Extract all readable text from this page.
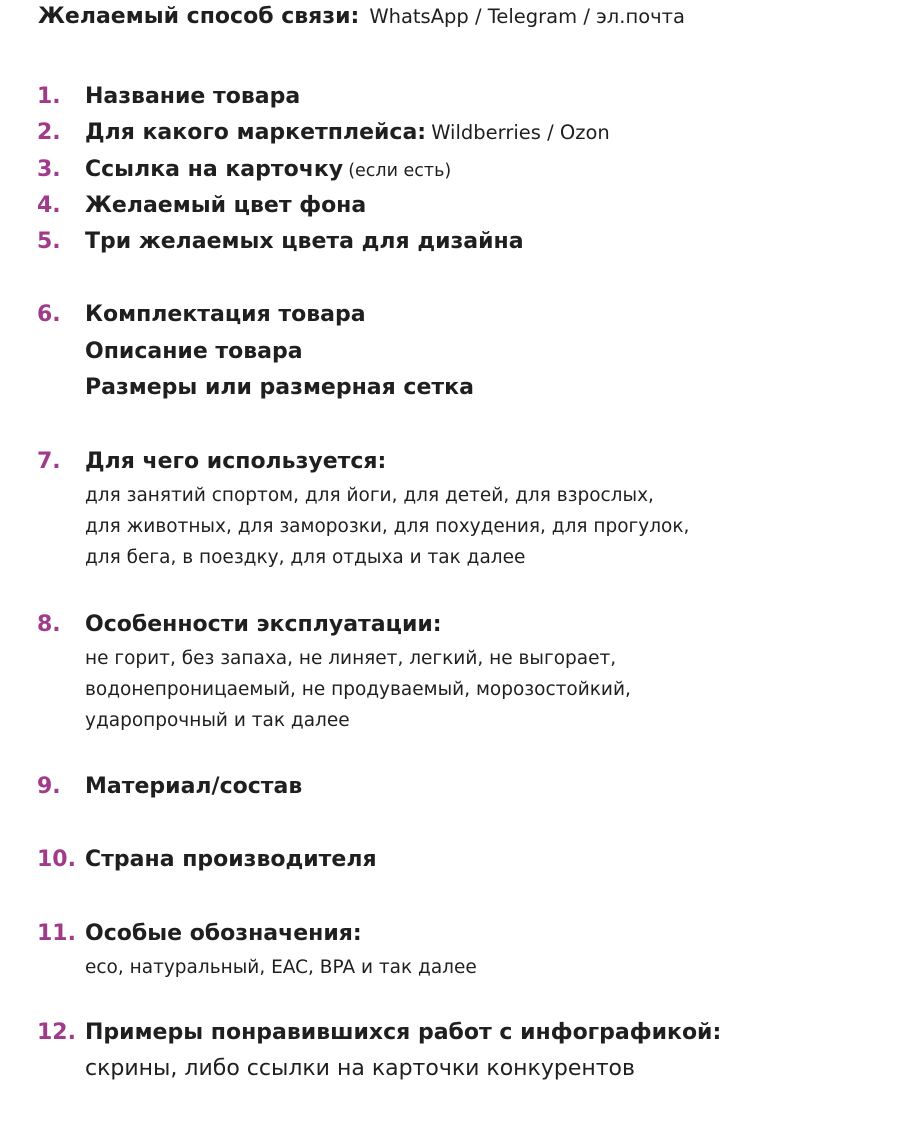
Желаемый способ связи: WhatsApp / Telegram / эл.почта
1. Название товара
2. Для какого маркетплейса: Wildberries / Ozon
3. Ссылка на карточку (если есть)
4. Желаемый цвет фона
5. Три желаемых цвета для дизайна
6. Комплектация товара
Описание товара
Размеры или размерная сетка
7. Для чего используется:
для занятий спортом, для йоги, для детей, для взрослых,
для животных, для заморозки, для похудения, для прогулок,
для бега, в поездку, для отдыха и так далее
8. Особенности эксплуатации:
не горит, без запаха, не линяет, легкий, не выгорает,
водонепроницаемый, не продуваемый, морозостойкий,
ударопрочный и так далее
9. Материал/состав
10. Страна производителя
11. Особые обозначения:
eco, натуральный, EAC, BPA и так далее
12. Примеры понравившихся работ с инфографикой:
скрины, либо ссылки на карточки конкурентов
